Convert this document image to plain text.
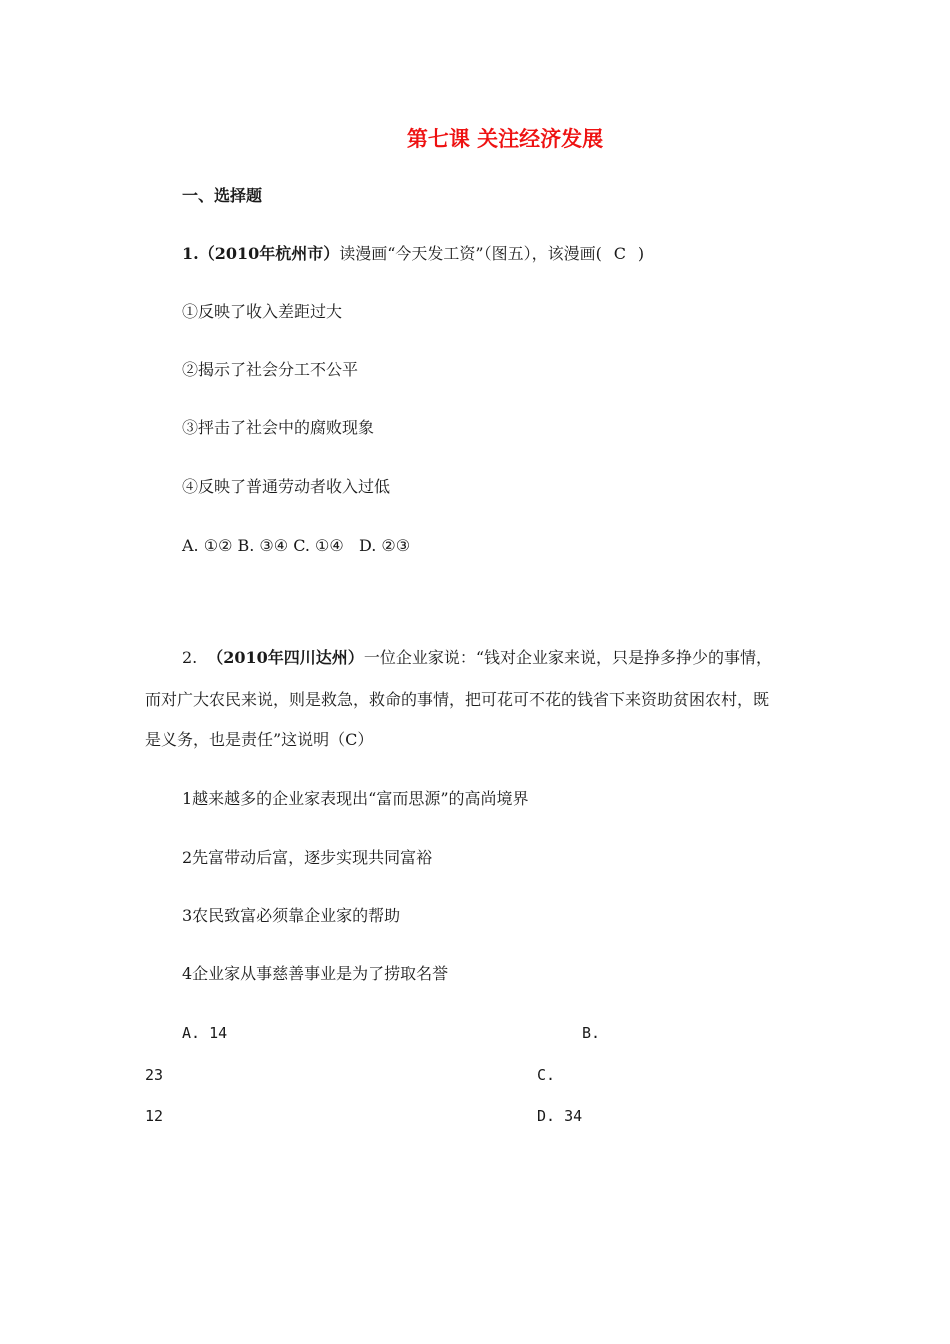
第七课 关注经济发展
一、选择题
1.（2010年杭州市）读漫画“今天发工资”（图五），该漫画( C )
①反映了收入差距过大
②揭示了社会分工不公平
③抨击了社会中的腐败现象
④反映了普通劳动者收入过低
A. ①② B. ③④ C. ①④   D. ②③
2. （2010年四川达州）一位企业家说：“钱对企业家来说，只是挣多挣少的事情，
而对广大农民来说，则是救急，救命的事情，把可花可不花的钱省下来资助贫困农村，既
是义务，也是责任”这说明（C）
1越来越多的企业家表现出“富而思源”的高尚境界
2先富带动后富，逐步实现共同富裕
3农民致富必须靠企业家的帮助
4企业家从事慈善事业是为了捞取名誉
A. 14	B.
23	C.
12	D. 34
